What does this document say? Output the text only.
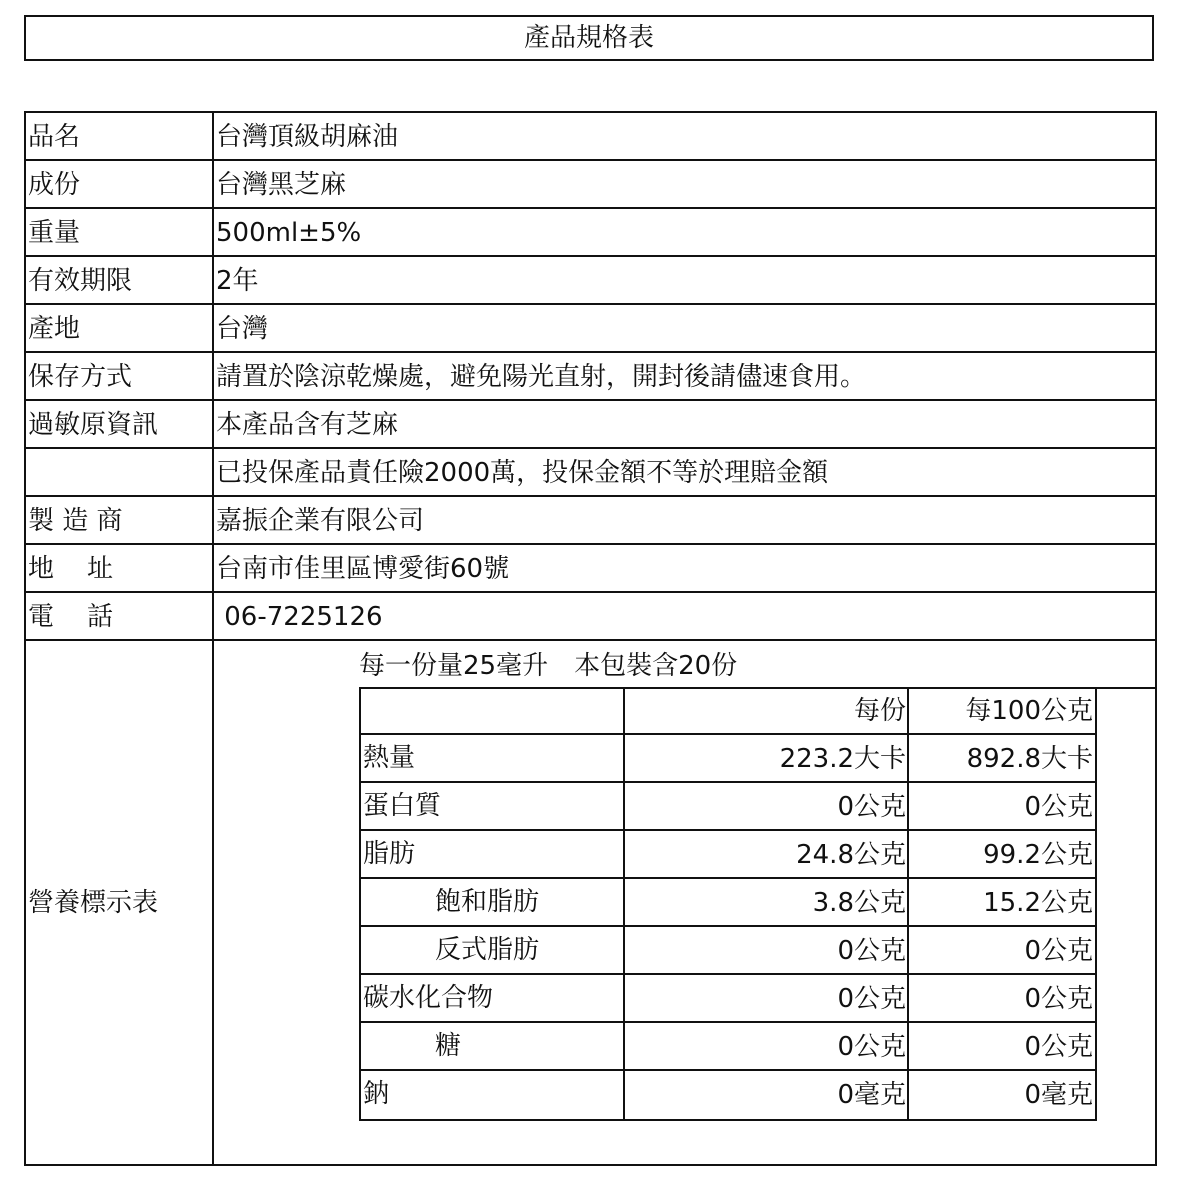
產品規格表
品名	台灣頂級胡麻油
成份	台灣黑芝麻
重量	500ml±5%
有效期限	2年
產地	台灣
保存方式	請置於陰涼乾燥處，避免陽光直射，開封後請儘速食用。
過敏原資訊 本產品含有芝麻
已投保產品責任險2000萬，投保金額不等於理賠金額
製 造 商	嘉振企業有限公司
地    址	台南市佳里區博愛街60號
電    話	06-7225126
營養標示表
每一份量25毫升　本包裝含20份
每份 每100公克
熱量	223.2大卡 892.8大卡
蛋白質	0公克	0公克
脂肪	24.8公克	99.2公克
飽和脂肪	3.8公克	15.2公克
反式脂肪	0公克	0公克
碳水化合物	0公克	0公克
糖	0公克	0公克
鈉	0毫克	0毫克
